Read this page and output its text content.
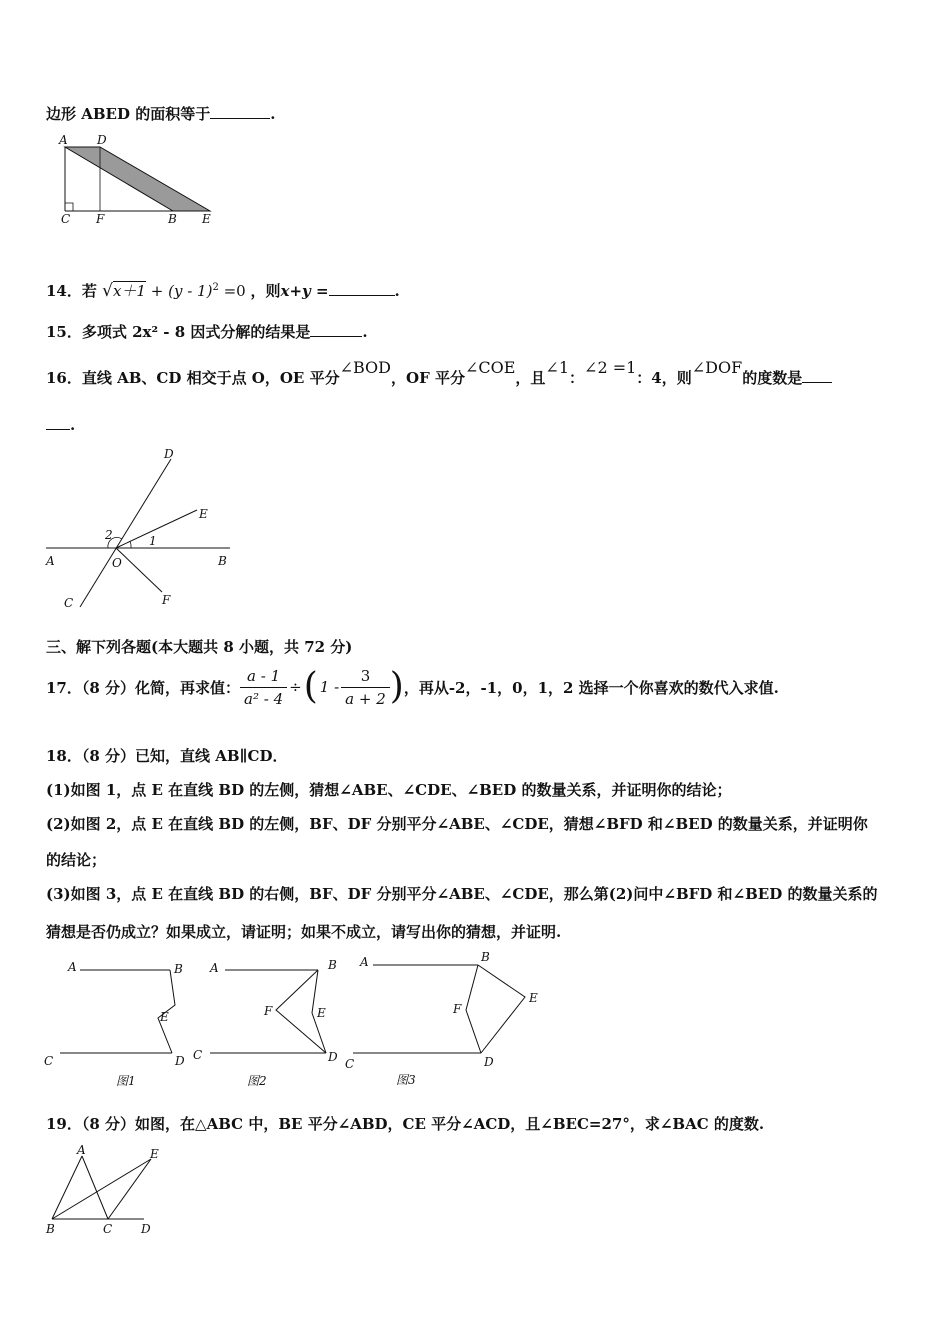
边形 ABED 的面积等于	.
A D
C F	B E
14．若 √x＋1 + (y - 1)$^2$ =0 ，则x+y =	.
15．多项式 2x² - 8 因式分解的结果是	.
16．直线 AB、CD 相交于点 O，OE 平分∠BOD，OF 平分∠COE，且∠1：∠2 =1：4，则∠DOF的度数是
.
D
E
2	1
A	O	B
C	F
三、解下列各题(本大题共 8 小题，共 72 分)
17．（8 分）化简，再求值： $\frac{a - 1}{\text{a² - 4}}$ ÷ ( $1 - \frac{3}{a + 2}$ ) ，再从-2，-1，0，1，2 选择一个你喜欢的数代入求值.
18．（8 分）已知，直线 AB∥CD．
(1)如图 1，点 E 在直线 BD 的左侧，猜想∠ABE、∠CDE、∠BED 的数量关系，并证明你的结论；
(2)如图 2，点 E 在直线 BD 的左侧，BF、DF 分别平分∠ABE、∠CDE，猜想∠BFD 和∠BED 的数量关系，并证明你
的结论；
(3)如图 3，点 E 在直线 BD 的右侧，BF、DF 分别平分∠ABE、∠CDE，那么第(2)问中∠BFD 和∠BED 的数量关系的
猜想是否仍成立？如果成立，请证明；如果不成立，请写出你的猜想，并证明.
A	B
E
C	D
图1
A	B
F	E
C	D
图2
A	B
F
E
C	D
图3
19．（8 分）如图，在△ABC 中，BE 平分∠ABD，CE 平分∠ACD，且∠BEC=27°，求∠BAC 的度数.
A	E
B	C D
